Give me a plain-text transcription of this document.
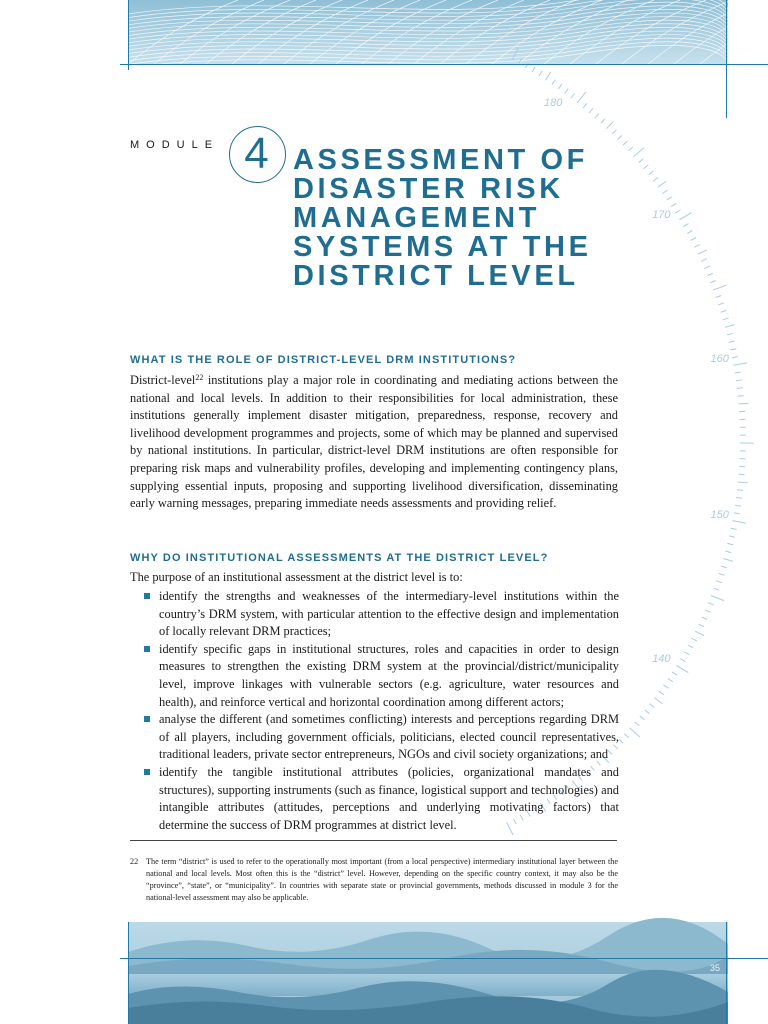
180
170
160
150
140
MODULE 4 ASSESSMENT OF
DISASTER RISK
MANAGEMENT
SYSTEMS AT THE
DISTRICT LEVEL
WHAT IS THE ROLE OF DISTRICT-LEVEL DRM INSTITUTIONS?

District-level$^{22}$ institutions play a major role in coordinating and mediating actions between the national and local levels. In addition to their responsibilities for local administration, these institutions generally implement disaster mitigation, preparedness, response, recovery and livelihood development programmes and projects, some of which may be planned and supervised by national institutions. In particular, district-level DRM institutions are often responsible for preparing risk maps and vulnerability profiles, developing and implementing contingency plans, supplying essential inputs, proposing and supporting livelihood diversification, disseminating early warning messages, preparing immediate needs assessments and providing relief.

WHY DO INSTITUTIONAL ASSESSMENTS AT THE DISTRICT LEVEL?

The purpose of an institutional assessment at the district level is to:

identify the strengths and weaknesses of the intermediary-level institutions within the country’s DRM system, with particular attention to the effective design and implementation of locally relevant DRM practices;
identify specific gaps in institutional structures, roles and capacities in order to design measures to strengthen the existing DRM system at the provincial/district/municipality level, improve linkages with vulnerable sectors (e.g. agriculture, water resources and health), and reinforce vertical and horizontal coordination among different actors;
analyse the different (and sometimes conflicting) interests and perceptions regarding DRM of all players, including government officials, politicians, elected council representatives, traditional leaders, private sector entrepreneurs, NGOs and civil society organizations; and
identify the tangible institutional attributes (policies, organizational mandates and structures), supporting instruments (such as finance, logistical support and technologies) and intangible attributes (attitudes, perceptions and underlying motivating factors) that determine the success of DRM programmes at district level.
22 The term “district” is used to refer to the operationally most important (from a local perspective) intermediary institutional layer between the national and local levels. Most often this is the “district” level. However, depending on the specific country context, it may also be the “province”, “state”, or “municipality”. In countries with separate state or provincial governments, methods discussed in module 3 for the national-level assessment may also be applicable.

35
